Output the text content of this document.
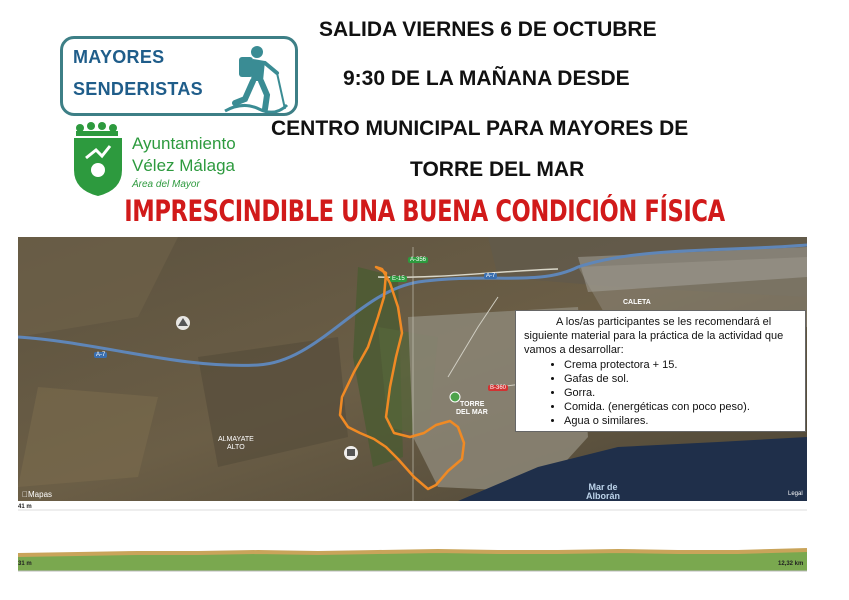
MAYORES
SENDERISTAS
Ayuntamiento
Vélez Málaga
Área del Mayor
SALIDA VIERNES 6 DE OCTUBRE
9:30 DE LA MAÑANA DESDE
CENTRO MUNICIPAL PARA MAYORES DE
TORRE DEL MAR
IMPRESCINDIBLE UNA BUENA CONDICIÓN FÍSICA
A-356
A-7
E-15
A-7
B-360
TORRE
DEL MAR
ALMAYATE
ALTO
CALETA
Mar de
Alborán
Mapas	Legal

A los/as participantes se les recomendará el siguiente material para la práctica de la actividad que vamos a desarrollar:

• Crema protectora + 15.
• Gafas de sol.
• Gorra.
• Comida. (energéticas con poco peso).
• Agua o similares.
41 m
31 m	12,32 km
